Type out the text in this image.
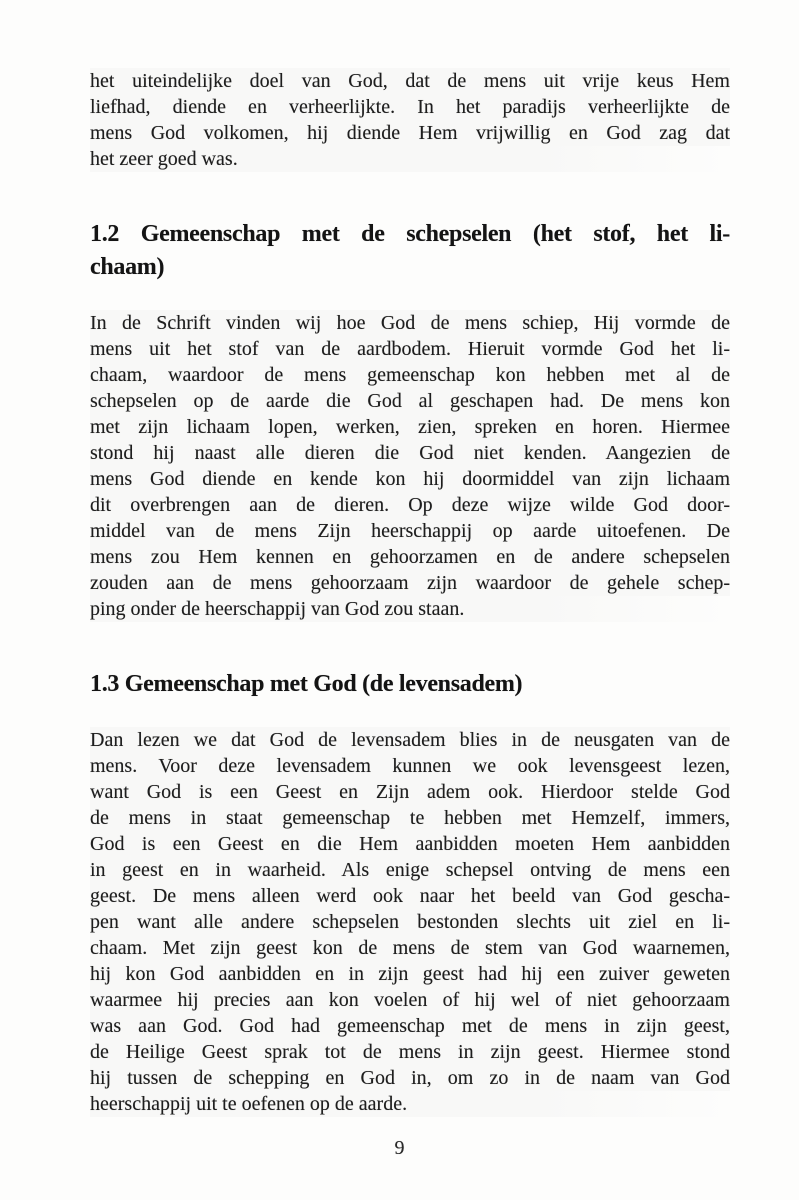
het uiteindelijke doel van God, dat de mens uit vrije keus Hem
liefhad, diende en verheerlijkte. In het paradijs verheerlijkte de
mens God volkomen, hij diende Hem vrijwillig en God zag dat
het zeer goed was.
1.2 Gemeenschap met de schepselen (het stof, het li-
chaam)
In de Schrift vinden wij hoe God de mens schiep, Hij vormde de
mens uit het stof van de aardbodem. Hieruit vormde God het li-
chaam, waardoor de mens gemeenschap kon hebben met al de
schepselen op de aarde die God al geschapen had. De mens kon
met zijn lichaam lopen, werken, zien, spreken en horen. Hiermee
stond hij naast alle dieren die God niet kenden. Aangezien de
mens God diende en kende kon hij doormiddel van zijn lichaam
dit overbrengen aan de dieren. Op deze wijze wilde God door-
middel van de mens Zijn heerschappij op aarde uitoefenen. De
mens zou Hem kennen en gehoorzamen en de andere schepselen
zouden aan de mens gehoorzaam zijn waardoor de gehele schep-
ping onder de heerschappij van God zou staan.
1.3 Gemeenschap met God (de levensadem)
Dan lezen we dat God de levensadem blies in de neusgaten van de
mens. Voor deze levensadem kunnen we ook levensgeest lezen,
want God is een Geest en Zijn adem ook. Hierdoor stelde God
de mens in staat gemeenschap te hebben met Hemzelf, immers,
God is een Geest en die Hem aanbidden moeten Hem aanbidden
in geest en in waarheid. Als enige schepsel ontving de mens een
geest. De mens alleen werd ook naar het beeld van God gescha-
pen want alle andere schepselen bestonden slechts uit ziel en li-
chaam. Met zijn geest kon de mens de stem van God waarnemen,
hij kon God aanbidden en in zijn geest had hij een zuiver geweten
waarmee hij precies aan kon voelen of hij wel of niet gehoorzaam
was aan God. God had gemeenschap met de mens in zijn geest,
de Heilige Geest sprak tot de mens in zijn geest. Hiermee stond
hij tussen de schepping en God in, om zo in de naam van God
heerschappij uit te oefenen op de aarde.
9
